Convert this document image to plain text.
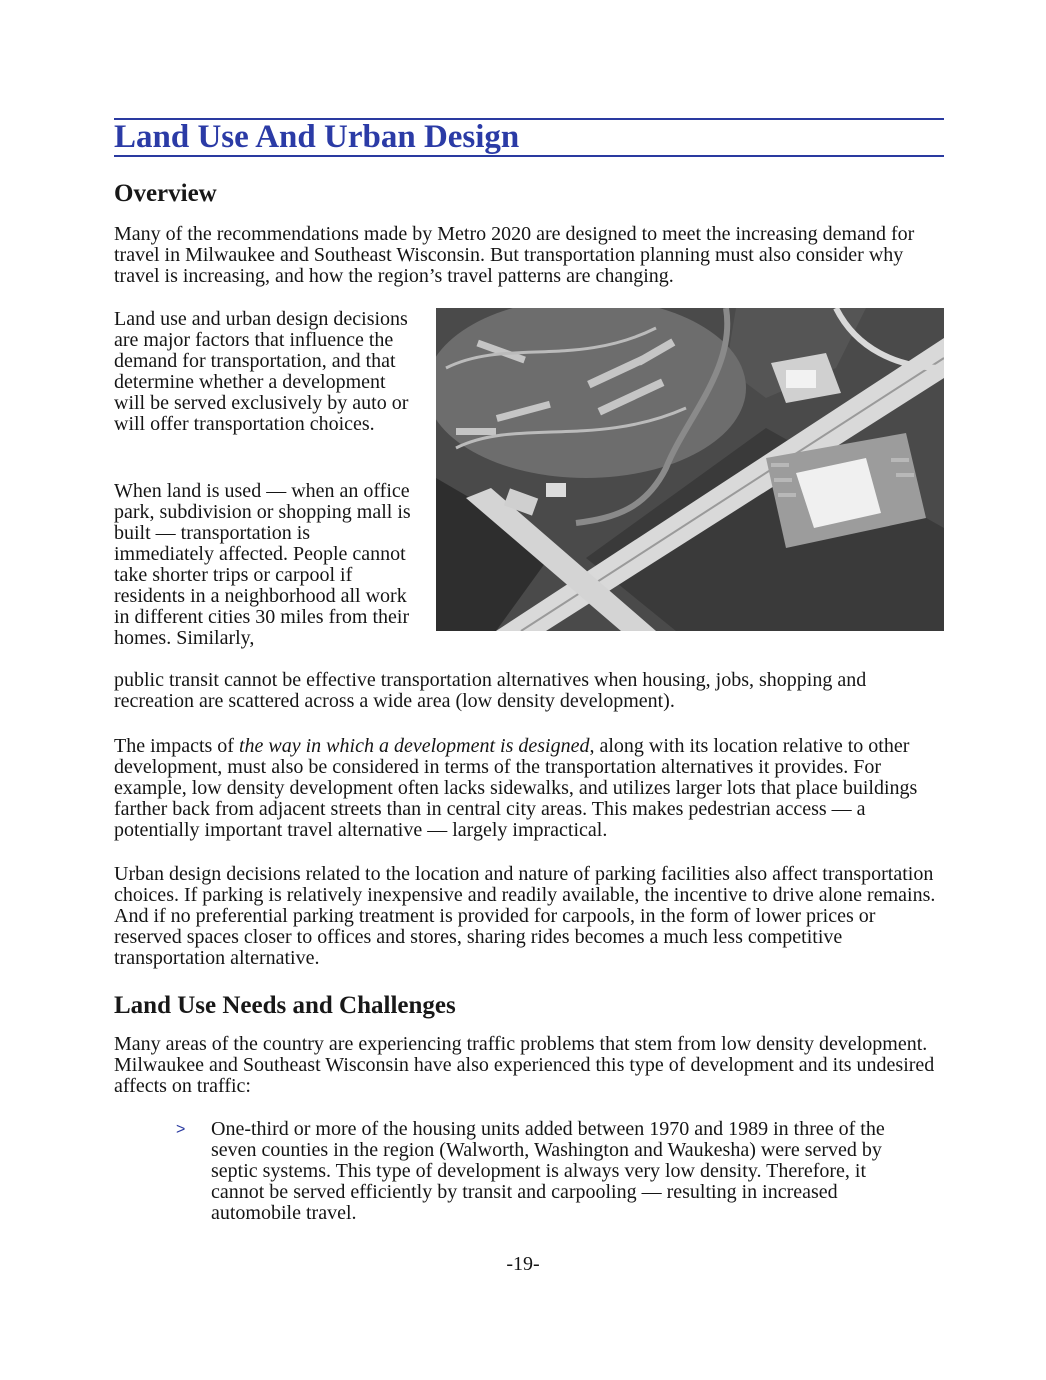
Land Use And Urban Design
Overview

Many of the recommendations made by Metro 2020 are designed to meet the increasing demand for travel in Milwaukee and Southeast Wisconsin. But transportation planning must also consider why travel is increasing, and how the region’s travel patterns are changing.

Land use and urban design decisions are major factors that influence the demand for transportation, and that determine whether a development will be served exclusively by auto or will offer transportation choices.

When land is used — when an office park, subdivision or shopping mall is built — transportation is immediately affected. People cannot take shorter trips or carpool if residents in a neighborhood all work in different cities 30 miles from their homes. Similarly,

public transit cannot be effective transportation alternatives when housing, jobs, shopping and recreation are scattered across a wide area (low density development).

The impacts of the way in which a development is designed, along with its location relative to other development, must also be considered in terms of the transportation alternatives it provides. For example, low density development often lacks sidewalks, and utilizes larger lots that place buildings farther back from adjacent streets than in central city areas. This makes pedestrian access — a potentially important travel alternative — largely impractical.

Urban design decisions related to the location and nature of parking facilities also affect transportation choices. If parking is relatively inexpensive and readily available, the incentive to drive alone remains. And if no preferential parking treatment is provided for carpools, in the form of lower prices or reserved spaces closer to offices and stores, sharing rides becomes a much less competitive transportation alternative.

Land Use Needs and Challenges

Many areas of the country are experiencing traffic problems that stem from low density development. Milwaukee and Southeast Wisconsin have also experienced this type of development and its undesired affects on traffic:

> One-third or more of the housing units added between 1970 and 1989 in three of the seven counties in the region (Walworth, Washington and Waukesha) were served by septic systems. This type of development is always very low density. Therefore, it cannot be served efficiently by transit and carpooling — resulting in increased automobile travel.

-19-
